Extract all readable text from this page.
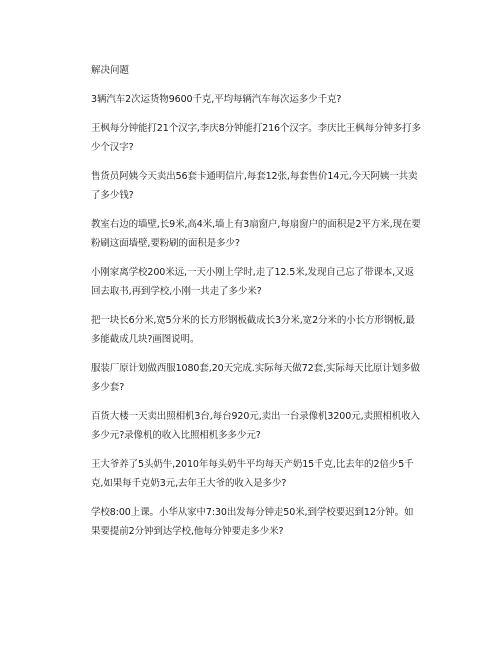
解决问题
3辆汽车2次运货物9600千克,平均每辆汽车每次运多少千克?
王枫每分钟能打21个汉字,李庆8分钟能打216个汉字。李庆比王枫每分钟多打多少个汉字?
售货员阿姨今天卖出56套卡通明信片,每套12张,每套售价14元,今天阿姨一共卖了多少钱?
教室右边的墙壁,长9米,高4米,墙上有3扇窗户,每扇窗户的面积是2平方米,现在要粉刷这面墙壁,要粉刷的面积是多少?
小刚家离学校200米远,一天小刚上学时,走了12.5米,发现自己忘了带课本,又返回去取书,再到学校,小刚一共走了多少米?
把一块长6分米,宽5分米的长方形钢板截成长3分米,宽2分米的小长方形钢板,最多能截成几块?画图说明。
服装厂原计划做西服1080套,20天完成.实际每天做72套,实际每天比原计划多做多少套?
百货大楼一天卖出照相机3台,每台920元,卖出一台录像机3200元,卖照相机收入多少元?录像机的收入比照相机多多少元?
王大爷养了5头奶牛,2010年每头奶牛平均每天产奶15千克,比去年的2倍少5千克,如果每千克奶3元,去年王大爷的收入是多少?
学校8:00上课。小华从家中7:30出发每分钟走50米,到学校要迟到12分钟。如果要提前2分钟到达学校,他每分钟要走多少米?
